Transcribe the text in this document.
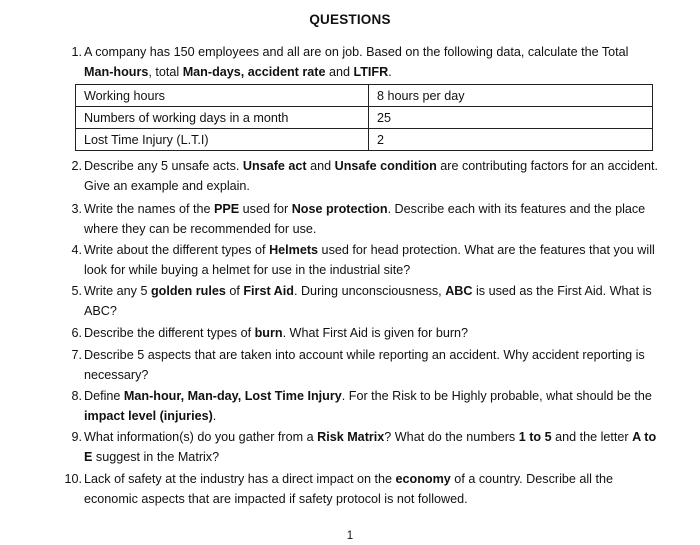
QUESTIONS
1. A company has 150 employees and all are on job. Based on the following data, calculate the Total Man-hours, total Man-days, accident rate and LTIFR.
Working hours	8 hours per day
Numbers of working days in a month	25
Lost Time Injury (L.T.I)	2
2. Describe any 5 unsafe acts. Unsafe act and Unsafe condition are contributing factors for an accident. Give an example and explain.
3. Write the names of the PPE used for Nose protection. Describe each with its features and the place where they can be recommended for use.
4. Write about the different types of Helmets used for head protection. What are the features that you will look for while buying a helmet for use in the industrial site?
5. Write any 5 golden rules of First Aid. During unconsciousness, ABC is used as the First Aid. What is ABC?
6. Describe the different types of burn. What First Aid is given for burn?
7. Describe 5 aspects that are taken into account while reporting an accident. Why accident reporting is necessary?
8. Define Man-hour, Man-day, Lost Time Injury. For the Risk to be Highly probable, what should be the impact level (injuries).
9. What information(s) do you gather from a Risk Matrix? What do the numbers 1 to 5 and the letter A to E suggest in the Matrix?
10. Lack of safety at the industry has a direct impact on the economy of a country. Describe all the economic aspects that are impacted if safety protocol is not followed.
1
